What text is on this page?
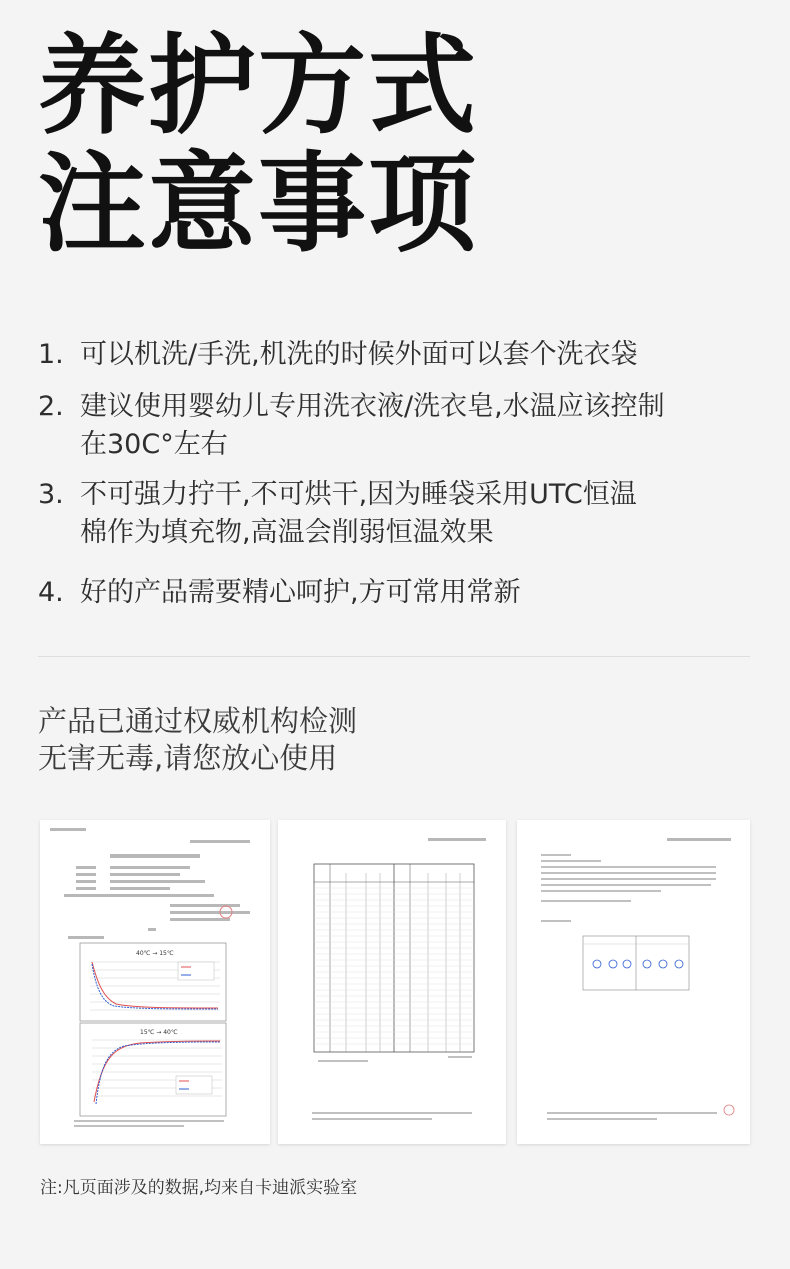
养护方式
注意事项
1. 可以机洗/手洗,机洗的时候外面可以套个洗衣袋
2. 建议使用婴幼儿专用洗衣液/洗衣皂,水温应该控制
在30C°左右
3. 不可强力拧干,不可烘干,因为睡袋采用UTC恒温
棉作为填充物,高温会削弱恒温效果
4. 好的产品需要精心呵护,方可常用常新
产品已通过权威机构检测
无害无毒,请您放心使用
40℃ → 15℃
15℃ → 40℃
注:凡页面涉及的数据,均来自卡迪派实验室
